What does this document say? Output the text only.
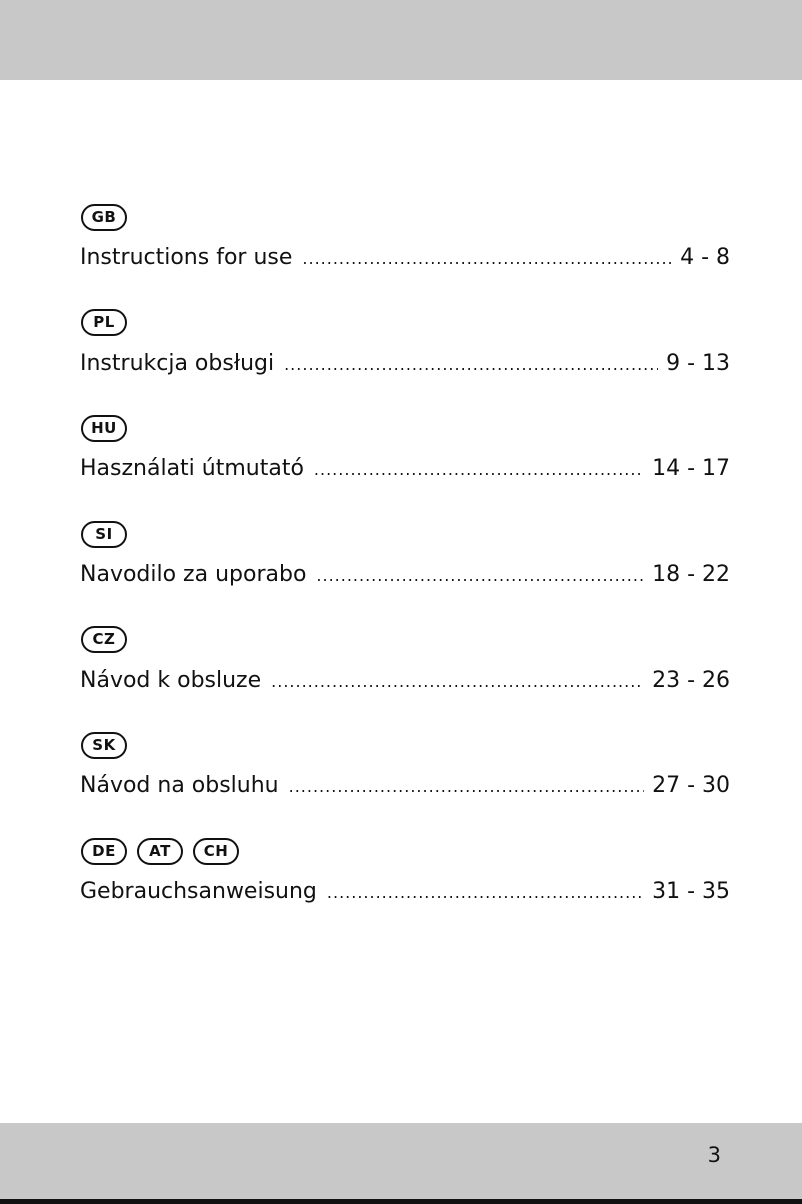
GB
Instructions for use .....	4 - 8
PL
Instrukcja obsługi .....	9 - 13
HU
Használati útmutató .....	14 - 17
SI
Navodilo za uporabo .....	18 - 22
CZ
Návod k obsluze .....	23 - 26
SK
Návod na obsluhu .....	27 - 30
DE	AT	CH
Gebrauchsanweisung .....	31 - 35
3
